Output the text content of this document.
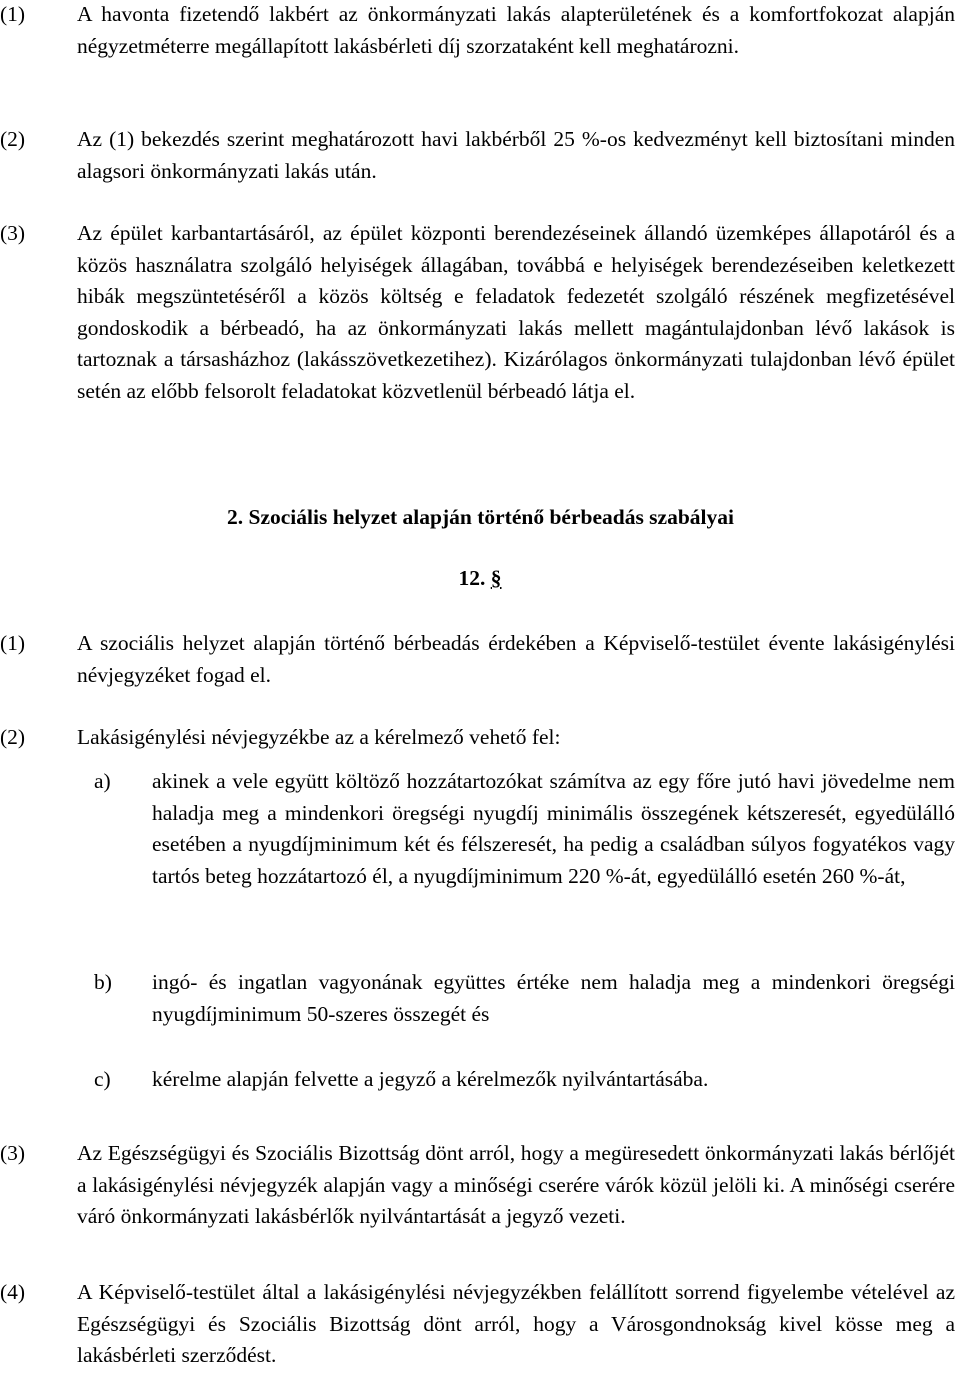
(1)	A havonta fizetendő lakbért az önkormányzati lakás alapterületének és a komfortfokozat alapján négyzetméterre megállapított lakásbérleti díj szorzataként kell meghatározni.
(2)	Az (1) bekezdés szerint meghatározott havi lakbérből 25 %-os kedvezményt kell biztosítani minden alagsori önkormányzati lakás után.
(3)	Az épület karbantartásáról, az épület központi berendezéseinek állandó üzemképes állapotáról és a közös használatra szolgáló helyiségek állagában, továbbá e helyiségek berendezéseiben keletkezett hibák megszüntetéséről a közös költség e feladatok fedezetét szolgáló részének megfizetésével gondoskodik a bérbeadó, ha az önkormányzati lakás mellett magántulajdonban lévő lakások is tartoznak a társasházhoz (lakásszövetkezetihez). Kizárólagos önkormányzati tulajdonban lévő épület setén az előbb felsorolt feladatokat közvetlenül bérbeadó látja el.
2. Szociális helyzet alapján történő bérbeadás szabályai
12. §
(1)	A szociális helyzet alapján történő bérbeadás érdekében a Képviselő-testület évente lakásigénylési névjegyzéket fogad el.
(2)	Lakásigénylési névjegyzékbe az a kérelmező vehető fel:
a)	akinek a vele együtt költöző hozzátartozókat számítva az egy főre jutó havi jövedelme nem haladja meg a mindenkori öregségi nyugdíj minimális összegének kétszeresét, egyedülálló esetében a nyugdíjminimum két és félszeresét, ha pedig a családban súlyos fogyatékos vagy tartós beteg hozzátartozó él, a nyugdíjminimum 220 %-át, egyedülálló esetén 260 %-át,
b)	ingó- és ingatlan vagyonának együttes értéke nem haladja meg a mindenkori öregségi nyugdíjminimum 50-szeres összegét és
c)	kérelme alapján felvette a jegyző a kérelmezők nyilvántartásába.
(3)	Az Egészségügyi és Szociális Bizottság dönt arról, hogy a megüresedett önkormányzati lakás bérlőjét a lakásigénylési névjegyzék alapján vagy a minőségi cserére várók közül jelöli ki. A minőségi cserére váró önkormányzati lakásbérlők nyilvántartását a jegyző vezeti.
(4)	A Képviselő-testület által a lakásigénylési névjegyzékben felállított sorrend figyelembe vételével az Egészségügyi és Szociális Bizottság dönt arról, hogy a Városgondnokság kivel kösse meg a lakásbérleti szerződést.
